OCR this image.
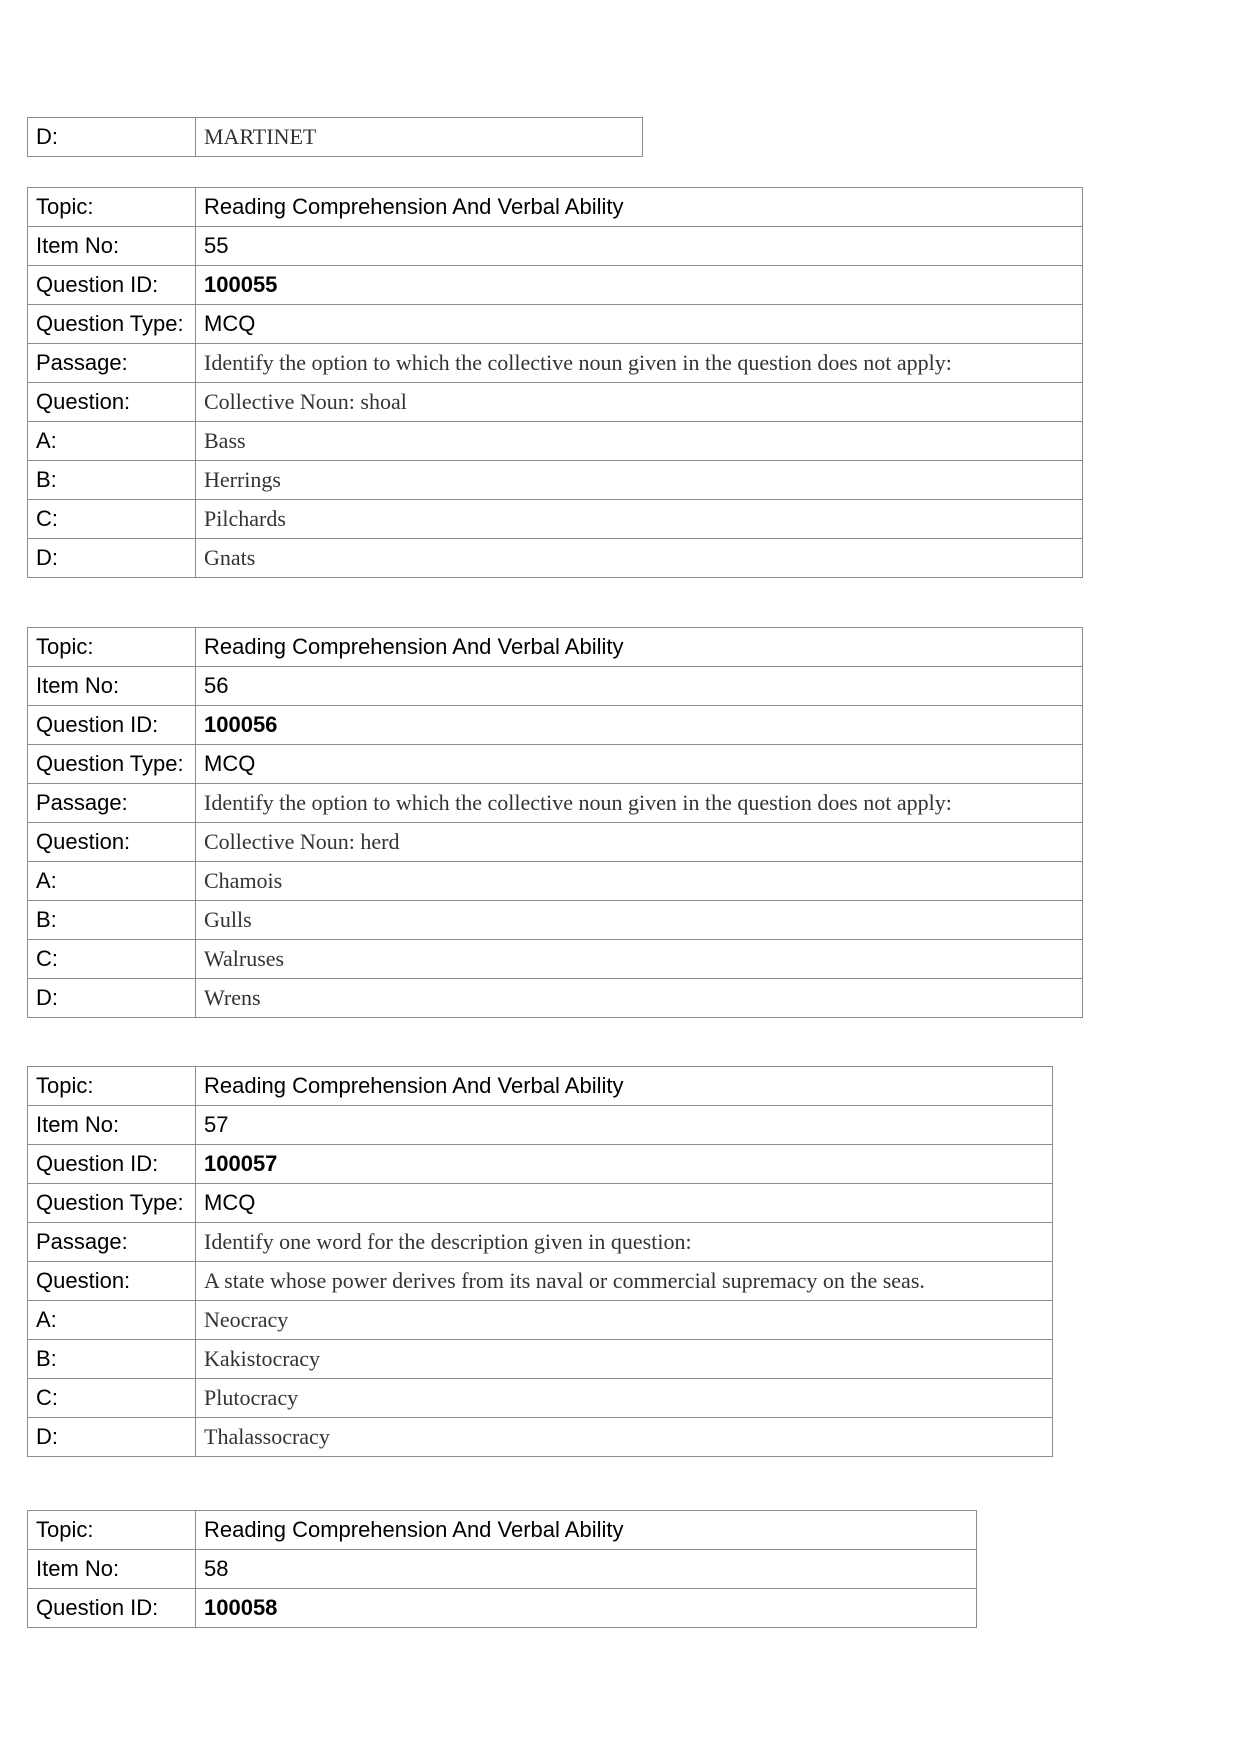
D:	MARTINET
Topic:	Reading Comprehension And Verbal Ability
Item No:	55
Question ID:	100055
Question Type:	MCQ
Passage:	Identify the option to which the collective noun given in the question does not apply:
Question:	Collective Noun: shoal
A:	Bass
B:	Herrings
C:	Pilchards
D:	Gnats
Topic:	Reading Comprehension And Verbal Ability
Item No:	56
Question ID:	100056
Question Type:	MCQ
Passage:	Identify the option to which the collective noun given in the question does not apply:
Question:	Collective Noun: herd
A:	Chamois
B:	Gulls
C:	Walruses
D:	Wrens
Topic:	Reading Comprehension And Verbal Ability
Item No:	57
Question ID:	100057
Question Type:	MCQ
Passage:	Identify one word for the description given in question:
Question:	A state whose power derives from its naval or commercial supremacy on the seas.
A:	Neocracy
B:	Kakistocracy
C:	Plutocracy
D:	Thalassocracy
Topic:	Reading Comprehension And Verbal Ability
Item No:	58
Question ID:	100058
